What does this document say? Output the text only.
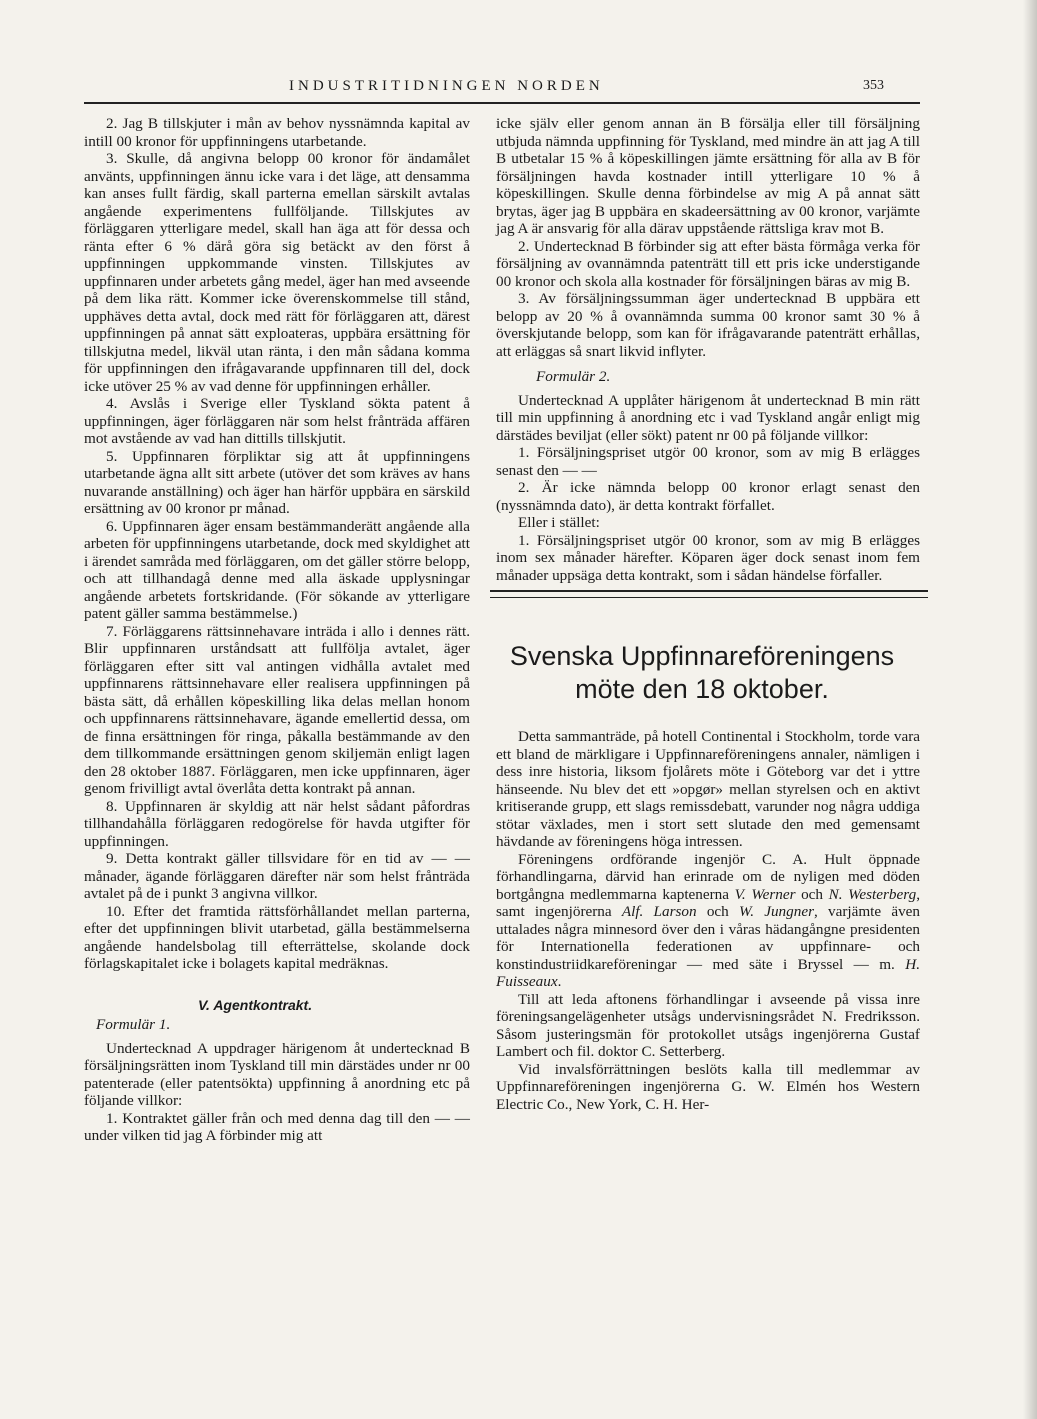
INDUSTRITIDNINGEN NORDEN	353

2. Jag B tillskjuter i mån av behov nyssnämnda kapital av intill 00 kronor för uppfinningens utarbetande.

3. Skulle, då angivna belopp 00 kronor för ändamålet använts, uppfinningen ännu icke vara i det läge, att densamma kan anses fullt färdig, skall parterna emellan särskilt avtalas angående experimentens fullföljande. Tillskjutes av förläggaren ytterligare medel, skall han äga att för dessa och ränta efter 6 % därå göra sig betäckt av den först å uppfinningen uppkommande vinsten. Tillskjutes av uppfinnaren under arbetets gång medel, äger han med avseende på dem lika rätt. Kommer icke överenskommelse till stånd, upphäves detta avtal, dock med rätt för förläggaren att, därest uppfinningen på annat sätt exploateras, uppbära ersättning för tillskjutna medel, likväl utan ränta, i den mån sådana komma för uppfinningen den ifrågavarande uppfinnaren till del, dock icke utöver 25 % av vad denne för uppfinningen erhåller.

4. Avslås i Sverige eller Tyskland sökta patent å uppfinningen, äger förläggaren när som helst frånträda affären mot avstående av vad han dittills tillskjutit.

5. Uppfinnaren förpliktar sig att åt uppfinningens utarbetande ägna allt sitt arbete (utöver det som kräves av hans nuvarande anställning) och äger han härför uppbära en särskild ersättning av 00 kronor pr månad.

6. Uppfinnaren äger ensam bestämmanderätt angående alla arbeten för uppfinningens utarbetande, dock med skyldighet att i ärendet samråda med förläggaren, om det gäller större belopp, och att tillhandagå denne med alla äskade upplysningar angående arbetets fortskridande. (För sökande av ytterligare patent gäller samma bestämmelse.)

7. Förläggarens rättsinnehavare inträda i allo i dennes rätt. Blir uppfinnaren urståndsatt att fullfölja avtalet, äger förläggaren efter sitt val antingen vidhålla avtalet med uppfinnarens rättsinnehavare eller realisera uppfinningen på bästa sätt, då erhållen köpeskilling lika delas mellan honom och uppfinnarens rättsinnehavare, ägande emellertid dessa, om de finna ersättningen för ringa, påkalla bestämmande av den dem tillkommande ersättningen genom skiljemän enligt lagen den 28 oktober 1887. Förläggaren, men icke uppfinnaren, äger genom frivilligt avtal överlåta detta kontrakt på annan.

8. Uppfinnaren är skyldig att när helst sådant påfordras tillhandahålla förläggaren redogörelse för havda utgifter för uppfinningen.

9. Detta kontrakt gäller tillsvidare för en tid av — — månader, ägande förläggaren därefter när som helst frånträda avtalet på de i punkt 3 angivna villkor.

10. Efter det framtida rättsförhållandet mellan parterna, efter det uppfinningen blivit utarbetad, gälla bestämmelserna angående handelsbolag till efterrättelse, skolande dock förlagskapitalet icke i bolagets kapital medräknas.

V. Agentkontrakt.

Formulär 1.

Undertecknad A uppdrager härigenom åt undertecknad B försäljningsrätten inom Tyskland till min därstädes under nr 00 patenterade (eller patentsökta) uppfinning å anordning etc på följande villkor:

1. Kontraktet gäller från och med denna dag till den — — under vilken tid jag A förbinder mig att

icke själv eller genom annan än B försälja eller till försäljning utbjuda nämnda uppfinning för Tyskland, med mindre än att jag A till B utbetalar 15 % å köpeskillingen jämte ersättning för alla av B för försäljningen havda kostnader intill ytterligare 10 % å köpeskillingen. Skulle denna förbindelse av mig A på annat sätt brytas, äger jag B uppbära en skadeersättning av 00 kronor, varjämte jag A är ansvarig för alla därav uppstående rättsliga krav mot B.

2. Undertecknad B förbinder sig att efter bästa förmåga verka för försäljning av ovannämnda patenträtt till ett pris icke understigande 00 kronor och skola alla kostnader för försäljningen bäras av mig B.

3. Av försäljningssumman äger undertecknad B uppbära ett belopp av 20 % å ovannämnda summa 00 kronor samt 30 % å överskjutande belopp, som kan för ifrågavarande patenträtt erhållas, att erläggas så snart likvid inflyter.

Formulär 2.

Undertecknad A upplåter härigenom åt undertecknad B min rätt till min uppfinning å anordning etc i vad Tyskland angår enligt mig därstädes beviljat (eller sökt) patent nr 00 på följande villkor:

1. Försäljningspriset utgör 00 kronor, som av mig B erlägges senast den — —

2. Är icke nämnda belopp 00 kronor erlagt senast den (nyssnämnda dato), är detta kontrakt förfallet.

Eller i stället:

1. Försäljningspriset utgör 00 kronor, som av mig B erlägges inom sex månader härefter. Köparen äger dock senast inom fem månader uppsäga detta kontrakt, som i sådan händelse förfaller.

Svenska Uppfinnareföreningens
möte den 18 oktober.

Detta sammanträde, på hotell Continental i Stockholm, torde vara ett bland de märkligare i Uppfinnareföreningens annaler, nämligen i dess inre historia, liksom fjolårets möte i Göteborg var det i yttre hänseende. Nu blev det ett »opgør» mellan styrelsen och en aktivt kritiserande grupp, ett slags remissdebatt, varunder nog några uddiga stötar växlades, men i stort sett slutade den med gemensamt hävdande av föreningens höga intressen.

Föreningens ordförande ingenjör C. A. Hult öppnade förhandlingarna, därvid han erinrade om de nyligen med döden bortgångna medlemmarna kaptenerna V. Werner och N. Westerberg, samt ingenjörerna Alf. Larson och W. Jungner, varjämte även uttalades några minnesord över den i våras hädangångne presidenten för Internationella federationen av uppfinnare- och konstindustriidkareföreningar — med säte i Bryssel — m. H. Fuisseaux.

Till att leda aftonens förhandlingar i avseende på vissa inre föreningsangelägenheter utsågs undervisningsrådet N. Fredriksson. Såsom justeringsmän för protokollet utsågs ingenjörerna Gustaf Lambert och fil. doktor C. Setterberg.

Vid invalsförrättningen beslöts kalla till medlemmar av Uppfinnareföreningen ingenjörerna G. W. Elmén hos Western Electric Co., New York, C. H. Her-
